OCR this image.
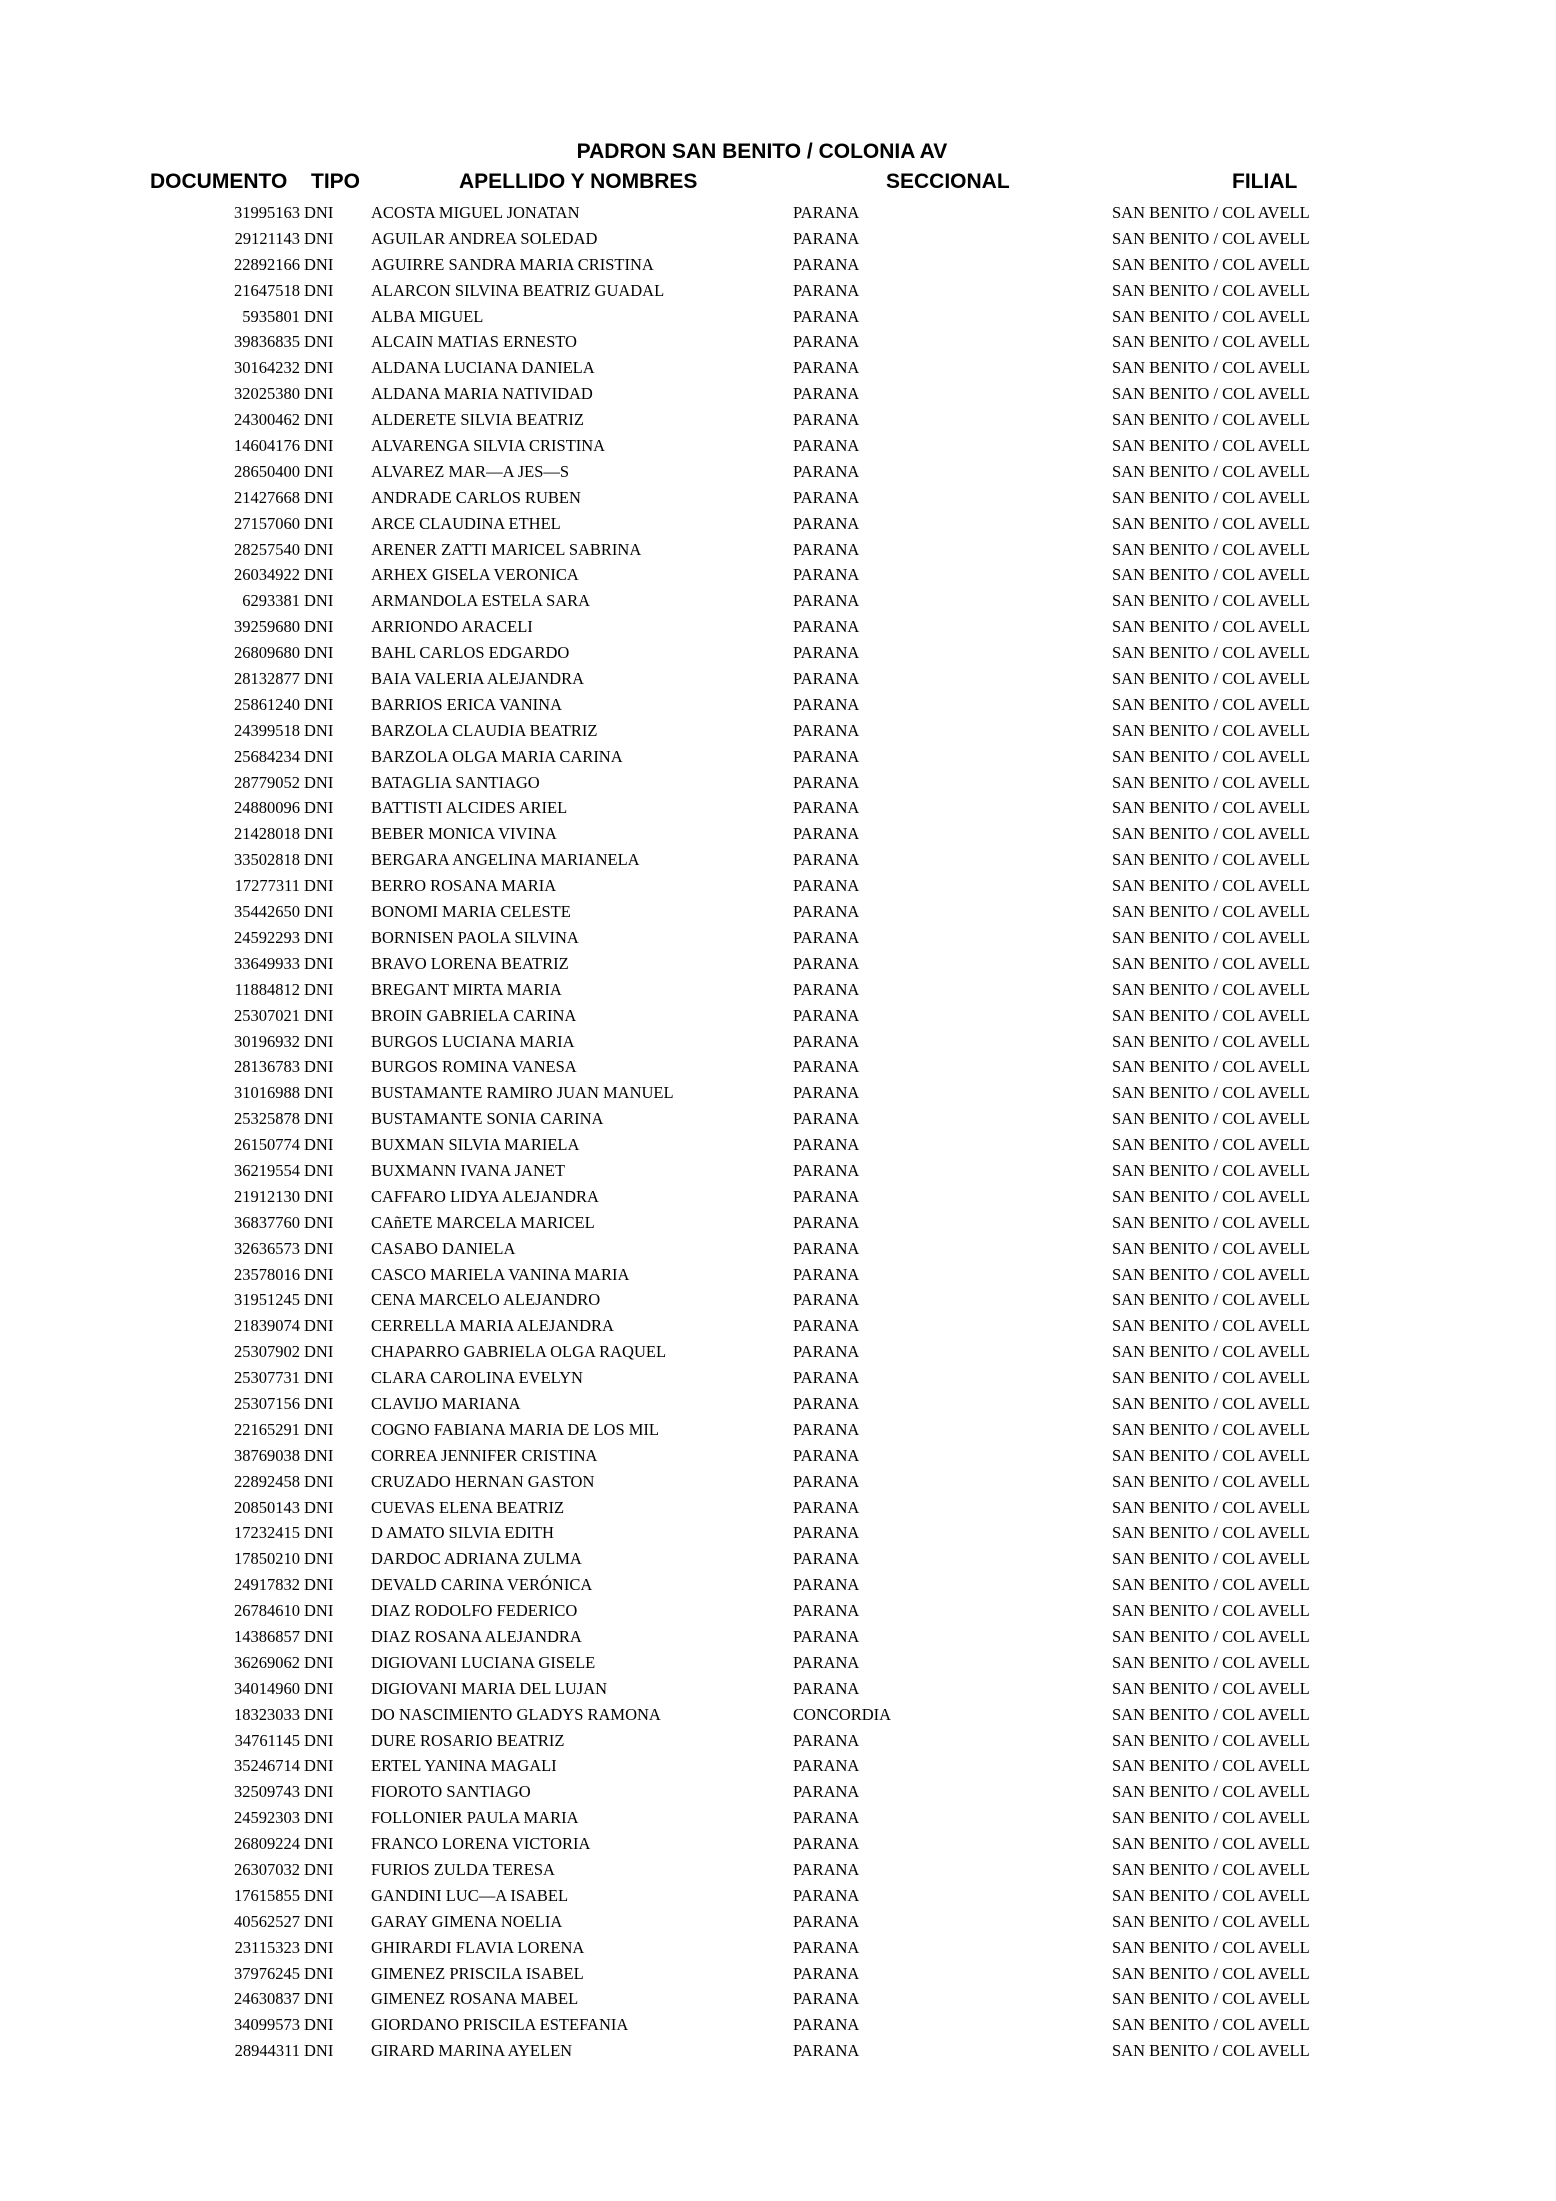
PADRON SAN BENITO / COLONIA AV
DOCUMENTO TIPO	APELLIDO Y NOMBRES	SECCIONAL	FILIAL
31995163 DNI ACOSTA MIGUEL JONATAN	PARANA	SAN BENITO / COL AVELL
29121143 DNI AGUILAR ANDREA SOLEDAD	PARANA	SAN BENITO / COL AVELL
22892166 DNI AGUIRRE SANDRA MARIA CRISTINA	PARANA	SAN BENITO / COL AVELL
21647518 DNI ALARCON SILVINA BEATRIZ GUADAL	PARANA	SAN BENITO / COL AVELL
5935801 DNI ALBA MIGUEL	PARANA	SAN BENITO / COL AVELL
39836835 DNI ALCAIN MATIAS ERNESTO	PARANA	SAN BENITO / COL AVELL
30164232 DNI ALDANA LUCIANA DANIELA	PARANA	SAN BENITO / COL AVELL
32025380 DNI ALDANA MARIA NATIVIDAD	PARANA	SAN BENITO / COL AVELL
24300462 DNI ALDERETE SILVIA BEATRIZ	PARANA	SAN BENITO / COL AVELL
14604176 DNI ALVARENGA SILVIA CRISTINA	PARANA	SAN BENITO / COL AVELL
28650400 DNI ALVAREZ MAR—A JES—S	PARANA	SAN BENITO / COL AVELL
21427668 DNI ANDRADE CARLOS RUBEN	PARANA	SAN BENITO / COL AVELL
27157060 DNI ARCE CLAUDINA ETHEL	PARANA	SAN BENITO / COL AVELL
28257540 DNI ARENER ZATTI MARICEL SABRINA	PARANA	SAN BENITO / COL AVELL
26034922 DNI ARHEX GISELA VERONICA	PARANA	SAN BENITO / COL AVELL
6293381 DNI ARMANDOLA ESTELA SARA	PARANA	SAN BENITO / COL AVELL
39259680 DNI ARRIONDO ARACELI	PARANA	SAN BENITO / COL AVELL
26809680 DNI BAHL CARLOS EDGARDO	PARANA	SAN BENITO / COL AVELL
28132877 DNI BAIA VALERIA ALEJANDRA	PARANA	SAN BENITO / COL AVELL
25861240 DNI BARRIOS ERICA VANINA	PARANA	SAN BENITO / COL AVELL
24399518 DNI BARZOLA CLAUDIA BEATRIZ	PARANA	SAN BENITO / COL AVELL
25684234 DNI BARZOLA OLGA MARIA CARINA	PARANA	SAN BENITO / COL AVELL
28779052 DNI BATAGLIA SANTIAGO	PARANA	SAN BENITO / COL AVELL
24880096 DNI BATTISTI ALCIDES ARIEL	PARANA	SAN BENITO / COL AVELL
21428018 DNI BEBER MONICA VIVINA	PARANA	SAN BENITO / COL AVELL
33502818 DNI BERGARA ANGELINA MARIANELA	PARANA	SAN BENITO / COL AVELL
17277311 DNI BERRO ROSANA MARIA	PARANA	SAN BENITO / COL AVELL
35442650 DNI BONOMI MARIA CELESTE	PARANA	SAN BENITO / COL AVELL
24592293 DNI BORNISEN PAOLA SILVINA	PARANA	SAN BENITO / COL AVELL
33649933 DNI BRAVO LORENA BEATRIZ	PARANA	SAN BENITO / COL AVELL
11884812 DNI BREGANT MIRTA MARIA	PARANA	SAN BENITO / COL AVELL
25307021 DNI BROIN GABRIELA CARINA	PARANA	SAN BENITO / COL AVELL
30196932 DNI BURGOS LUCIANA MARIA	PARANA	SAN BENITO / COL AVELL
28136783 DNI BURGOS ROMINA VANESA	PARANA	SAN BENITO / COL AVELL
31016988 DNI BUSTAMANTE RAMIRO JUAN MANUEL	PARANA	SAN BENITO / COL AVELL
25325878 DNI BUSTAMANTE SONIA CARINA	PARANA	SAN BENITO / COL AVELL
26150774 DNI BUXMAN SILVIA MARIELA	PARANA	SAN BENITO / COL AVELL
36219554 DNI BUXMANN IVANA JANET	PARANA	SAN BENITO / COL AVELL
21912130 DNI CAFFARO LIDYA ALEJANDRA	PARANA	SAN BENITO / COL AVELL
36837760 DNI CAñETE MARCELA MARICEL	PARANA	SAN BENITO / COL AVELL
32636573 DNI CASABO DANIELA	PARANA	SAN BENITO / COL AVELL
23578016 DNI CASCO MARIELA VANINA MARIA	PARANA	SAN BENITO / COL AVELL
31951245 DNI CENA MARCELO ALEJANDRO	PARANA	SAN BENITO / COL AVELL
21839074 DNI CERRELLA MARIA ALEJANDRA	PARANA	SAN BENITO / COL AVELL
25307902 DNI CHAPARRO GABRIELA OLGA RAQUEL	PARANA	SAN BENITO / COL AVELL
25307731 DNI CLARA CAROLINA EVELYN	PARANA	SAN BENITO / COL AVELL
25307156 DNI CLAVIJO MARIANA	PARANA	SAN BENITO / COL AVELL
22165291 DNI COGNO FABIANA MARIA DE LOS MIL	PARANA	SAN BENITO / COL AVELL
38769038 DNI CORREA JENNIFER CRISTINA	PARANA	SAN BENITO / COL AVELL
22892458 DNI CRUZADO HERNAN GASTON	PARANA	SAN BENITO / COL AVELL
20850143 DNI CUEVAS ELENA BEATRIZ	PARANA	SAN BENITO / COL AVELL
17232415 DNI D AMATO SILVIA EDITH	PARANA	SAN BENITO / COL AVELL
17850210 DNI DARDOC ADRIANA ZULMA	PARANA	SAN BENITO / COL AVELL
24917832 DNI DEVALD CARINA VERÓNICA	PARANA	SAN BENITO / COL AVELL
26784610 DNI DIAZ RODOLFO FEDERICO	PARANA	SAN BENITO / COL AVELL
14386857 DNI DIAZ ROSANA ALEJANDRA	PARANA	SAN BENITO / COL AVELL
36269062 DNI DIGIOVANI LUCIANA GISELE	PARANA	SAN BENITO / COL AVELL
34014960 DNI DIGIOVANI MARIA DEL LUJAN	PARANA	SAN BENITO / COL AVELL
18323033 DNI DO NASCIMIENTO GLADYS RAMONA	CONCORDIA	SAN BENITO / COL AVELL
34761145 DNI DURE ROSARIO BEATRIZ	PARANA	SAN BENITO / COL AVELL
35246714 DNI ERTEL YANINA MAGALI	PARANA	SAN BENITO / COL AVELL
32509743 DNI FIOROTO SANTIAGO	PARANA	SAN BENITO / COL AVELL
24592303 DNI FOLLONIER PAULA MARIA	PARANA	SAN BENITO / COL AVELL
26809224 DNI FRANCO LORENA VICTORIA	PARANA	SAN BENITO / COL AVELL
26307032 DNI FURIOS ZULDA TERESA	PARANA	SAN BENITO / COL AVELL
17615855 DNI GANDINI LUC—A ISABEL	PARANA	SAN BENITO / COL AVELL
40562527 DNI GARAY GIMENA NOELIA	PARANA	SAN BENITO / COL AVELL
23115323 DNI GHIRARDI FLAVIA LORENA	PARANA	SAN BENITO / COL AVELL
37976245 DNI GIMENEZ PRISCILA ISABEL	PARANA	SAN BENITO / COL AVELL
24630837 DNI GIMENEZ ROSANA MABEL	PARANA	SAN BENITO / COL AVELL
34099573 DNI GIORDANO PRISCILA ESTEFANIA	PARANA	SAN BENITO / COL AVELL
28944311 DNI GIRARD MARINA AYELEN	PARANA	SAN BENITO / COL AVELL
